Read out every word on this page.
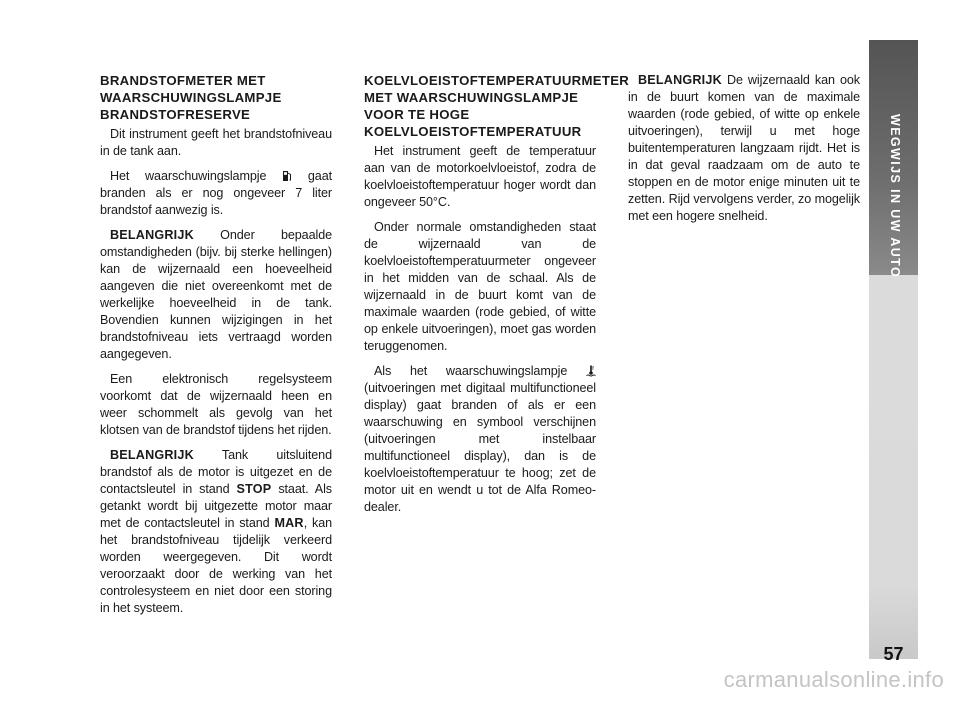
BRANDSTOFMETER MET WAARSCHUWINGSLAMPJE BRANDSTOFRESERVE

Dit instrument geeft het brandstofniveau in de tank aan.

Het waarschuwingslampje  gaat branden als er nog ongeveer 7 liter brandstof aanwezig is.

BELANGRIJK Onder bepaalde omstandigheden (bijv. bij sterke hellingen) kan de wijzernaald een hoeveelheid aangeven die niet overeenkomt met de werkelijke hoeveelheid in de tank. Bovendien kunnen wijzigingen in het brandstofniveau iets vertraagd worden aangegeven.

Een elektronisch regelsysteem voorkomt dat de wijzernaald heen en weer schommelt als gevolg van het klotsen van de brandstof tijdens het rijden.

BELANGRIJK Tank uitsluitend brandstof als de motor is uitgezet en de contactsleutel in stand STOP staat. Als getankt wordt bij uitgezette motor maar met de contactsleutel in stand MAR, kan het brandstofniveau tijdelijk verkeerd worden weergegeven. Dit wordt veroorzaakt door de werking van het controlesysteem en niet door een storing in het systeem.

KOELVLOEISTOFTEMPERATUURMETER MET WAARSCHUWINGSLAMPJE VOOR TE HOGE KOELVLOEISTOFTEMPERATUUR

Het instrument geeft de temperatuur aan van de motorkoelvloeistof, zodra de koelvloeistoftemperatuur hoger wordt dan ongeveer 50°C.

Onder normale omstandigheden staat de wijzernaald van de koelvloeistoftemperatuurmeter ongeveer in het midden van de schaal. Als de wijzernaald in de buurt komt van de maximale waarden (rode gebied, of witte op enkele uitvoeringen), moet gas worden teruggenomen.

Als het waarschuwingslampje  (uitvoeringen met digitaal multifunctioneel display) gaat branden of als er een waarschuwing en symbool verschijnen (uitvoeringen met instelbaar multifunctioneel display), dan is de koelvloeistoftemperatuur te hoog; zet de motor uit en wendt u tot de Alfa Romeo-dealer.

BELANGRIJK De wijzernaald kan ook in de buurt komen van de maximale waarden (rode gebied, of witte op enkele uitvoeringen), terwijl u met hoge buitentemperaturen langzaam rijdt. Het is in dat geval raadzaam om de auto te stoppen en de motor enige minuten uit te zetten. Rijd vervolgens verder, zo mogelijk met een hogere snelheid.	WEGWIJS IN UW AUTO
57
carmanualsonline.info
